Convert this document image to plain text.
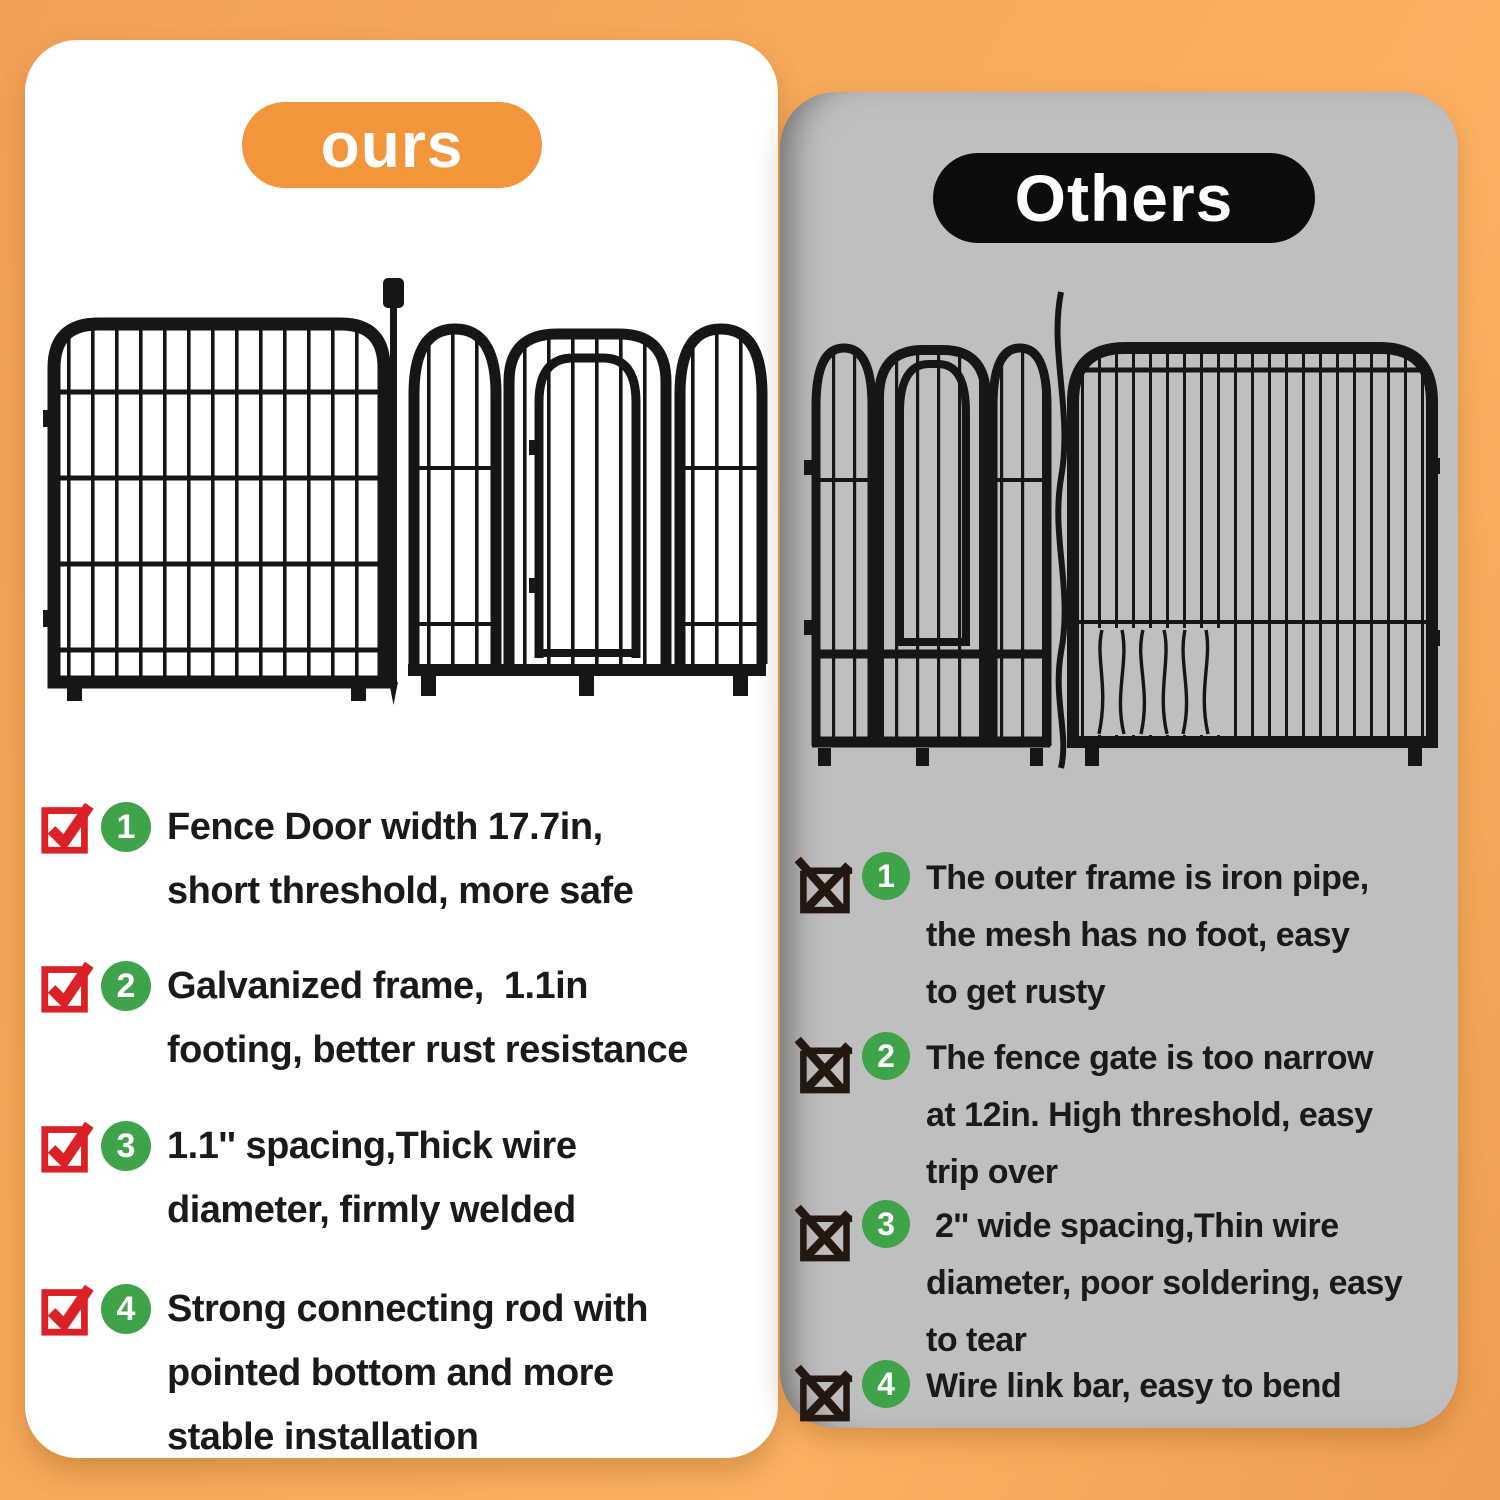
ours
1 Fence Door width 17.7in,
short threshold, more safe
2 Galvanized frame,  1.1in
footing, better rust resistance
3 1.1'' spacing,Thick wire
diameter, firmly welded
4 Strong connecting rod with
pointed bottom and more
stable installation
Others
1 The outer frame is iron pipe,
the mesh has no foot, easy
to get rusty
2 The fence gate is too narrow
at 12in. High threshold, easy
trip over
3 2'' wide spacing,Thin wire
diameter, poor soldering, easy
to tear
4 Wire link bar, easy to bend
